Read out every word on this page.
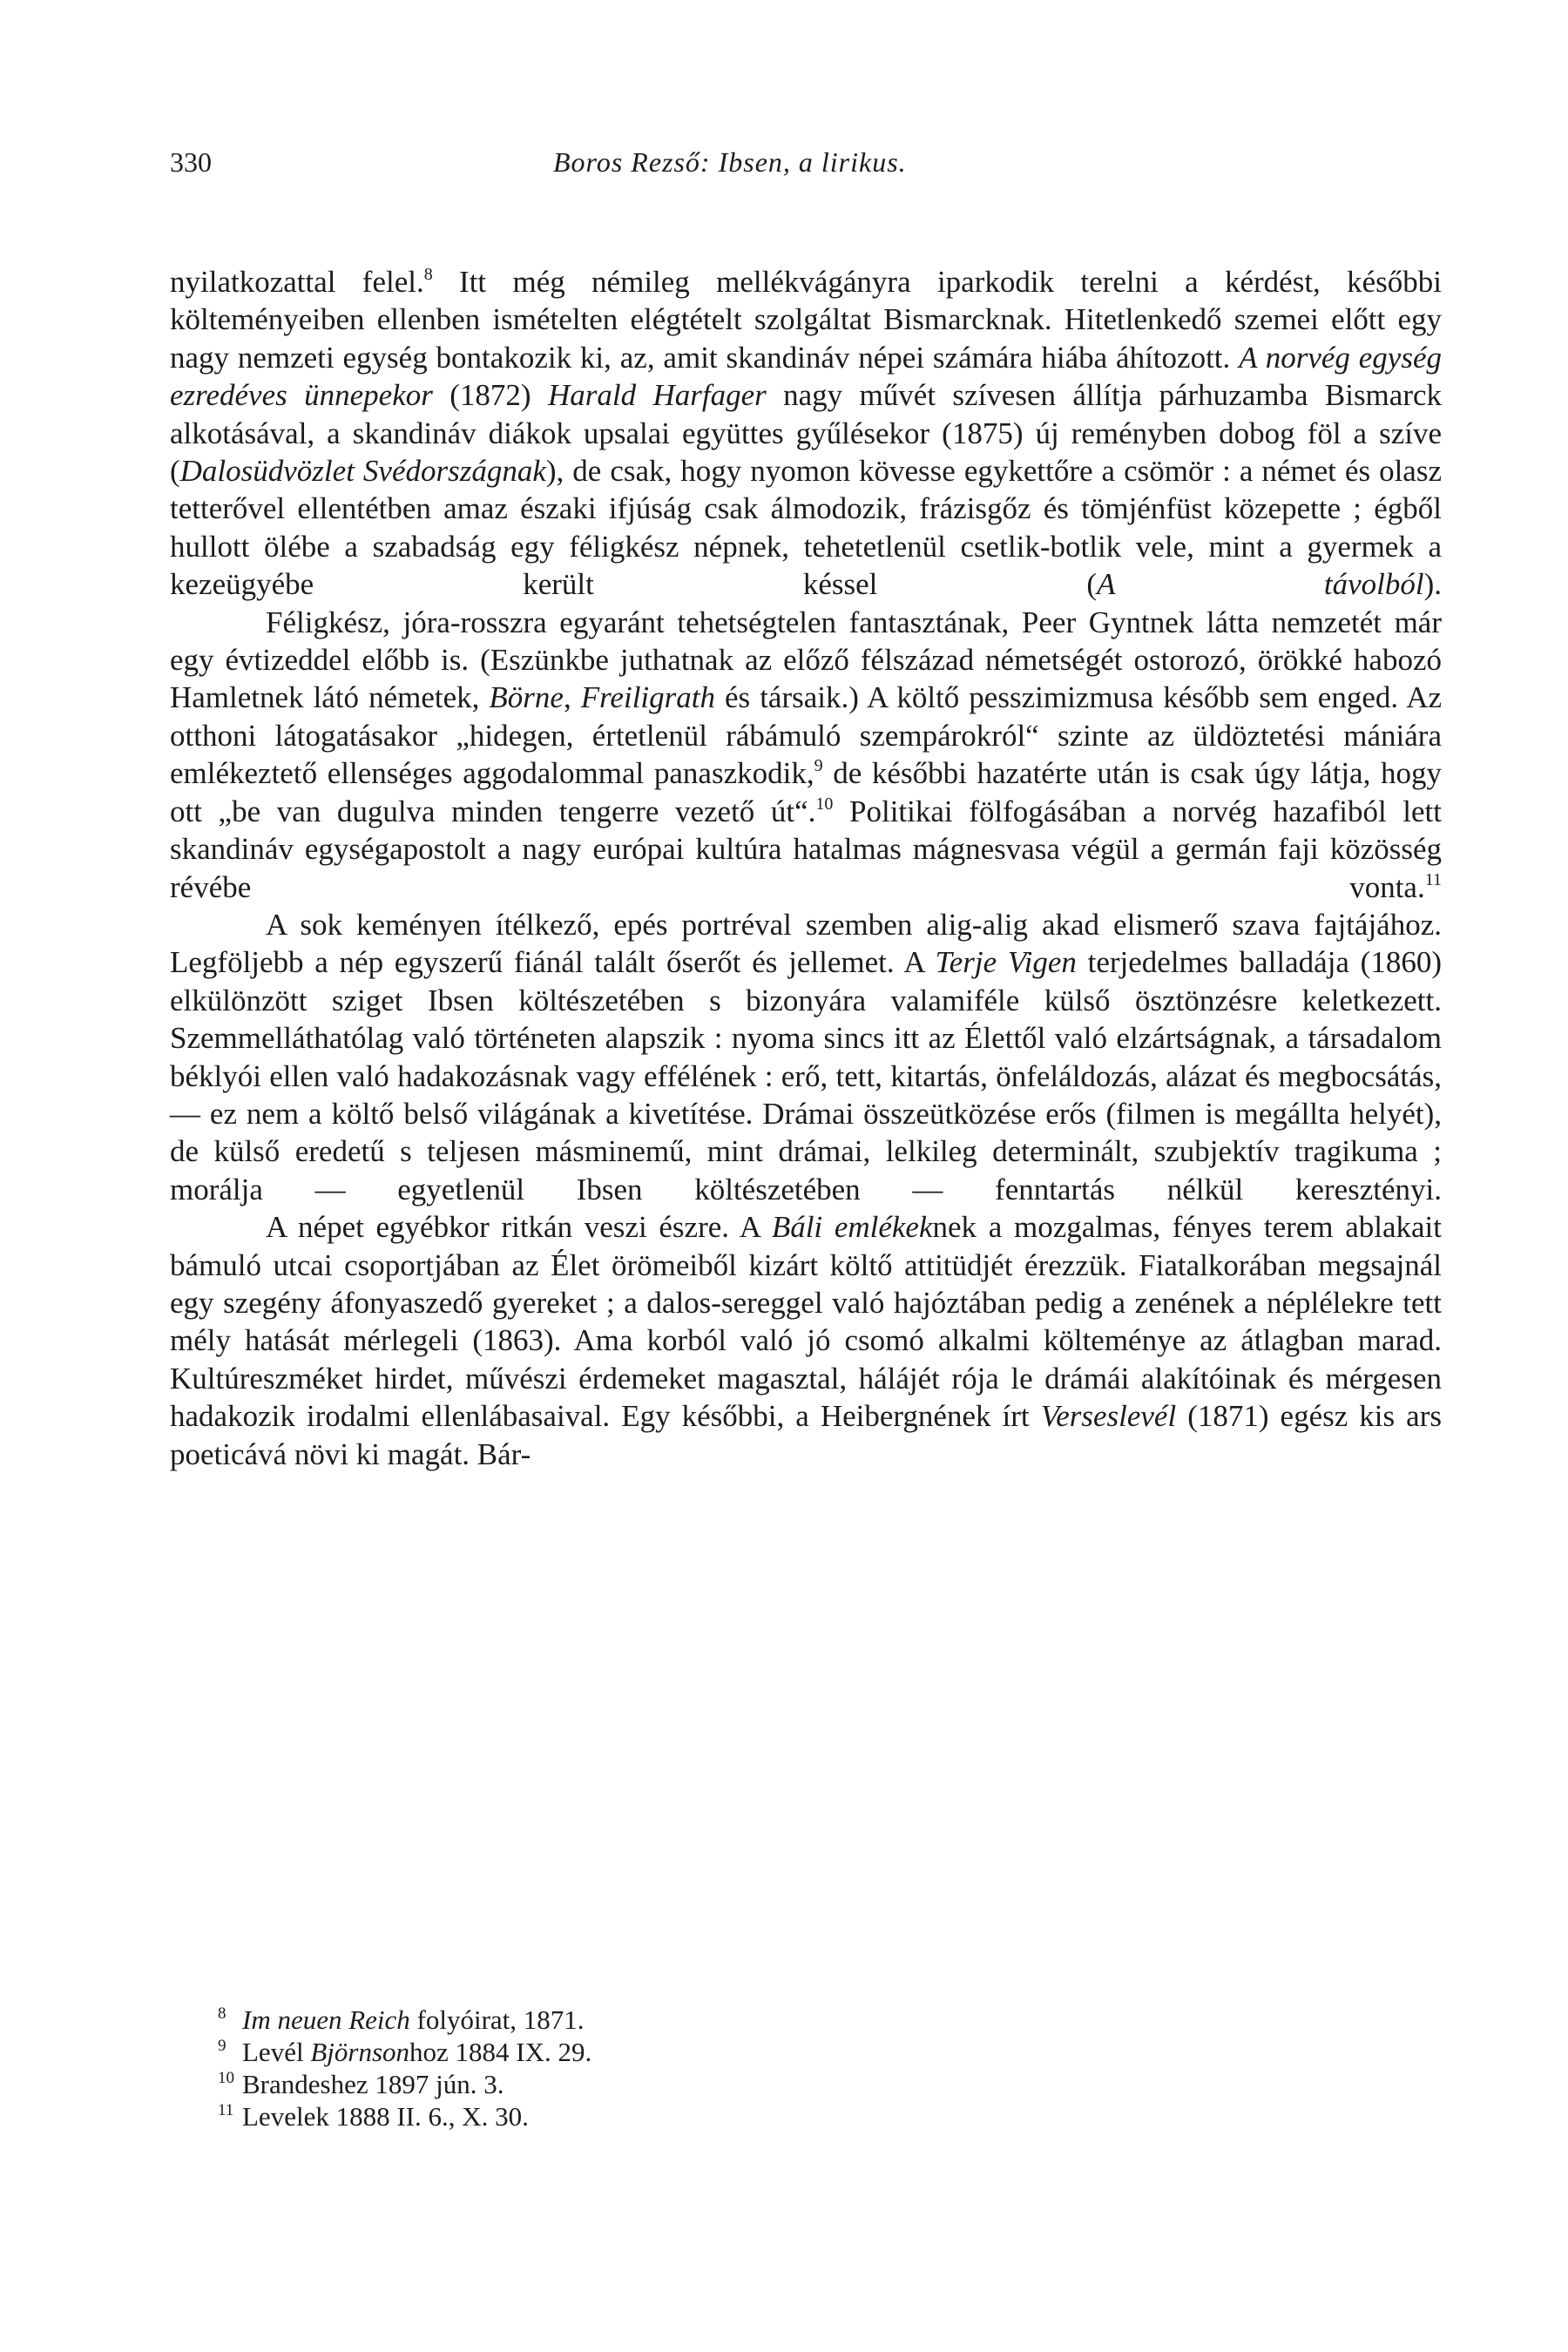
330	Boros Rezső: Ibsen, a lirikus.

nyilatkozattal felel.$^8$ Itt még némileg mellékvágányra iparkodik terelni a kérdést, későbbi költeményeiben ellenben ismételten elégtételt szolgáltat Bismarcknak. Hitetlenkedő szemei előtt egy nagy nemzeti egység bontakozik ki, az, amit skandináv népei számára hiába áhítozott. A norvég egység ezredéves ünnepekor (1872) Harald Harfager nagy művét szívesen állítja párhuzamba Bismarck alkotásával, a skandináv diákok upsalai együttes gyűlésekor (1875) új reményben dobog föl a szíve (Dalosüdvözlet Svédországnak), de csak, hogy nyomon kövesse egykettőre a csömör : a német és olasz tetterővel ellentétben amaz északi ifjúság csak álmodozik, frázisgőz és tömjénfüst közepette ; égből hullott ölébe a szabadság egy féligkész népnek, tehetetlenül csetlik-botlik vele, mint a gyermek a kezeügyébe került késsel (A távolból).

Féligkész, jóra-rosszra egyaránt tehetségtelen fantasztának, Peer Gyntnek látta nemzetét már egy évtizeddel előbb is. (Eszünkbe juthatnak az előző félszázad németségét ostorozó, örökké habozó Hamletnek látó németek, Börne, Freiligrath és társaik.) A költő pesszimizmusa később sem enged. Az otthoni látogatásakor „hidegen, értetlenül rábámuló szempárokról“ szinte az üldöztetési mániára emlékeztető ellenséges aggodalommal panaszkodik,$^9$ de későbbi hazatérte után is csak úgy látja, hogy ott „be van dugulva minden tengerre vezető út“.$^{10}$ Politikai fölfogásában a norvég hazafiból lett skandináv egységapostolt a nagy európai kultúra hatalmas mágnesvasa végül a germán faji közösség révébe vonta.$^{11}$

A sok keményen ítélkező, epés portréval szemben alig-alig akad elismerő szava fajtájához. Legföljebb a nép egyszerű fiánál talált őserőt és jellemet. A Terje Vigen terjedelmes balladája (1860) elkülönzött sziget Ibsen költészetében s bizonyára valamiféle külső ösztönzésre keletkezett. Szemmelláthatólag való történeten alapszik : nyoma sincs itt az Élettől való elzártságnak, a társadalom béklyói ellen való hadakozásnak vagy effélének : erő, tett, kitartás, önfeláldozás, alázat és megbocsátás, — ez nem a költő belső világának a kivetítése. Drámai összeütközése erős (filmen is megállta helyét), de külső eredetű s teljesen másminemű, mint drámai, lelkileg determinált, szubjektív tragikuma ; morálja — egyetlenül Ibsen költészetében — fenntartás nélkül keresztényi.

A népet egyébkor ritkán veszi észre. A Báli emlékeknek a mozgalmas, fényes terem ablakait bámuló utcai csoportjában az Élet örömeiből kizárt költő attitüdjét érezzük. Fiatalkorában megsajnál egy szegény áfonyaszedő gyereket ; a dalos-sereggel való hajóztában pedig a zenének a néplélekre tett mély hatását mérlegeli (1863). Ama korból való jó csomó alkalmi költeménye az átlagban marad. Kultúreszméket hirdet, művészi érdemeket magasztal, hálájét rója le drámái alakítóinak és mérgesen hadakozik irodalmi ellenlábasaival. Egy későbbi, a Heibergnének írt Verseslevél (1871) egész kis ars poeticává növi ki magát. Bár-

8 Im neuen Reich folyóirat, 1871.
9 Levél Björnsonhoz 1884 IX. 29.
10 Brandeshez 1897 jún. 3.
11 Levelek 1888 II. 6., X. 30.
